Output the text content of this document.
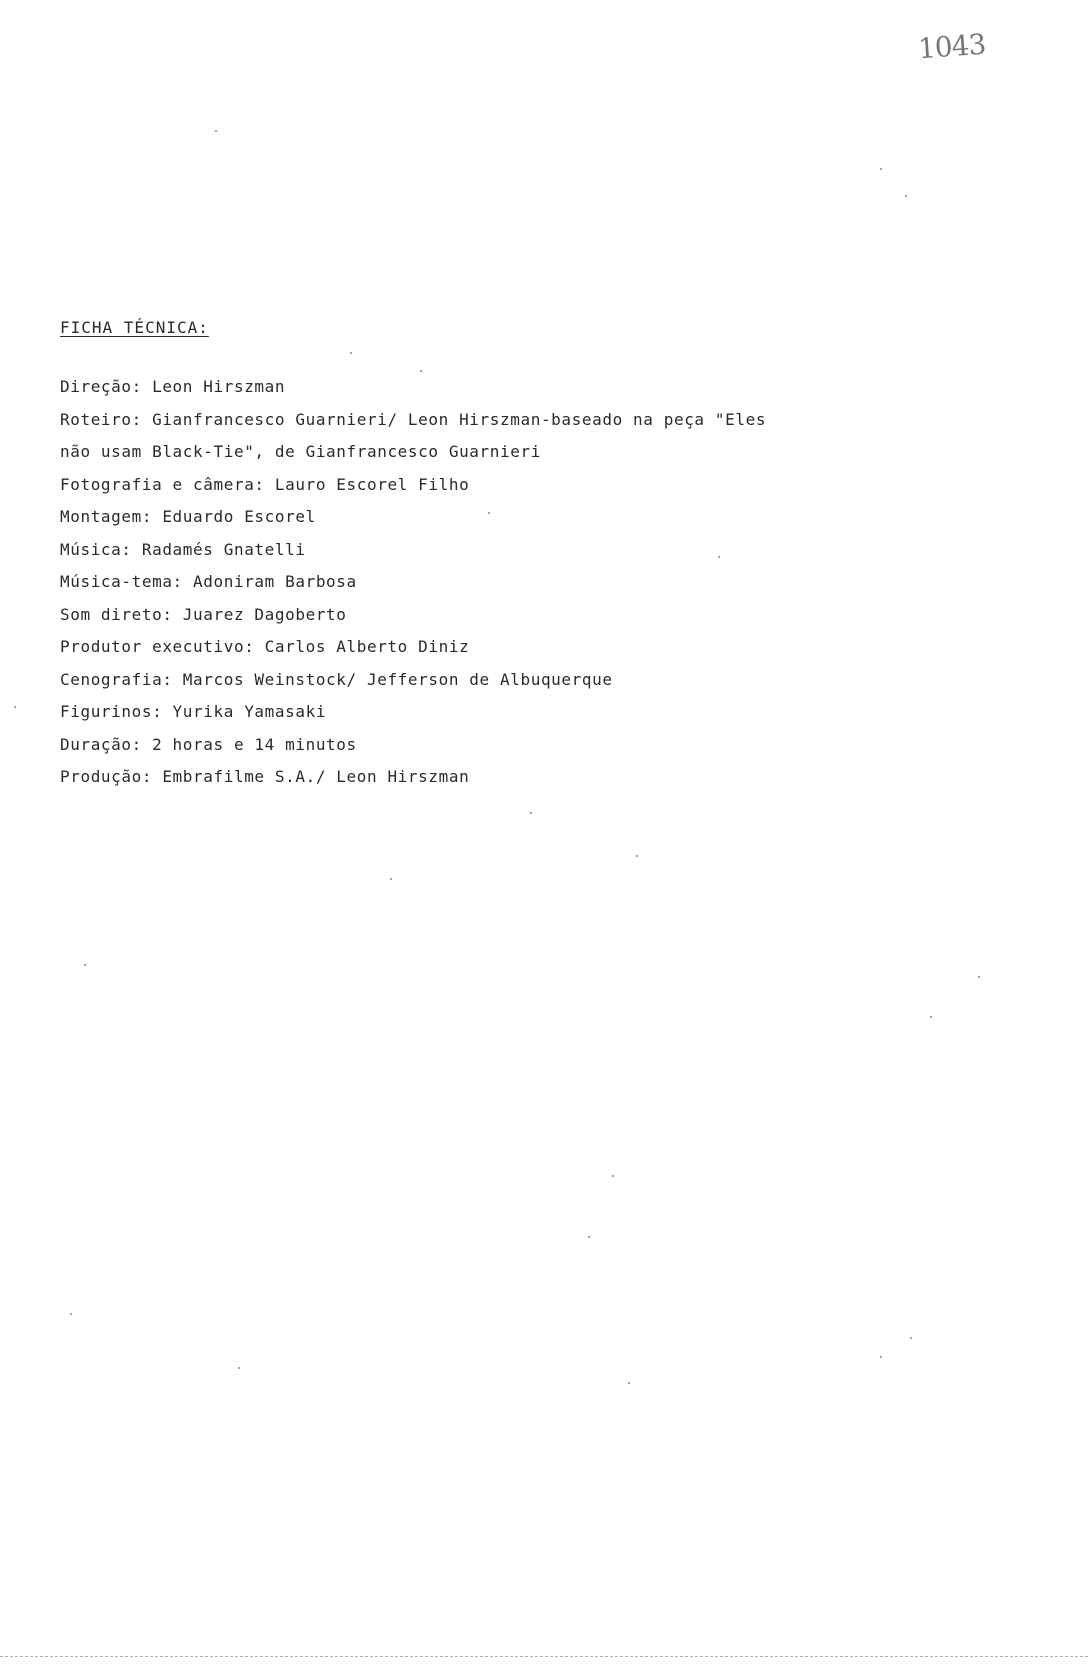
1043
FICHA TÉCNICA:
Direção: Leon Hirszman
Roteiro: Gianfrancesco Guarnieri/ Leon Hirszman-baseado na peça "Eles
não usam Black-Tie", de Gianfrancesco Guarnieri
Fotografia e câmera: Lauro Escorel Filho
Montagem: Eduardo Escorel
Música: Radamés Gnatelli
Música-tema: Adoniram Barbosa
Som direto: Juarez Dagoberto
Produtor executivo: Carlos Alberto Diniz
Cenografia: Marcos Weinstock/ Jefferson de Albuquerque
Figurinos: Yurika Yamasaki
Duração: 2 horas e 14 minutos
Produção: Embrafilme S.A./ Leon Hirszman
